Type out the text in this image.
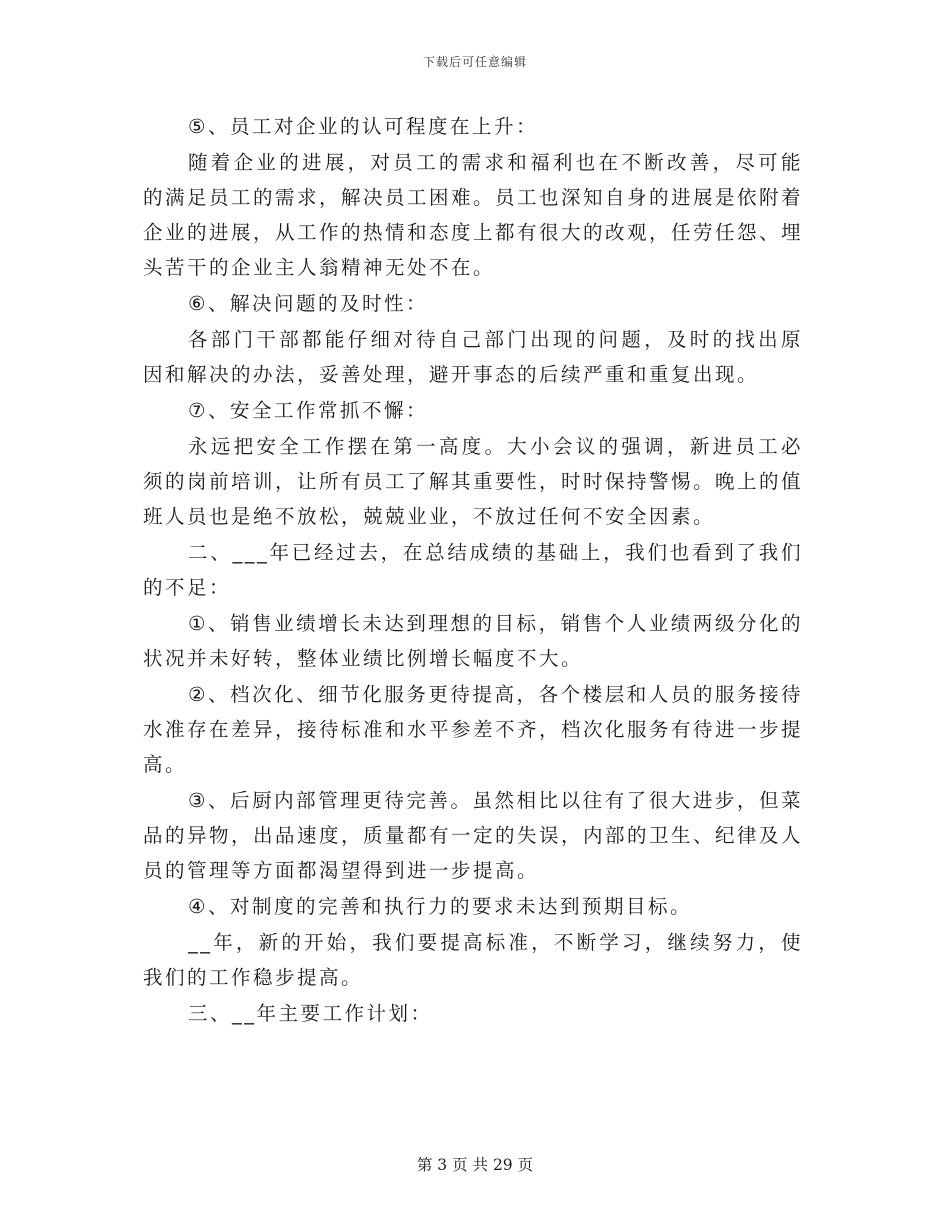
下载后可任意编辑

⑤、员工对企业的认可程度在上升：

随着企业的进展，对员工的需求和福利也在不断改善，尽可能的满足员工的需求，解决员工困难。员工也深知自身的进展是依附着企业的进展，从工作的热情和态度上都有很大的改观，任劳任怨、埋头苦干的企业主人翁精神无处不在。

⑥、解决问题的及时性：

各部门干部都能仔细对待自己部门出现的问题，及时的找出原因和解决的办法，妥善处理，避开事态的后续严重和重复出现。

⑦、安全工作常抓不懈：

永远把安全工作摆在第一高度。大小会议的强调，新进员工必须的岗前培训，让所有员工了解其重要性，时时保持警惕。晚上的值班人员也是绝不放松，兢兢业业，不放过任何不安全因素。

二、___年已经过去，在总结成绩的基础上，我们也看到了我们的不足：

①、销售业绩增长未达到理想的目标，销售个人业绩两级分化的状况并未好转，整体业绩比例增长幅度不大。

②、档次化、细节化服务更待提高，各个楼层和人员的服务接待水准存在差异，接待标准和水平参差不齐，档次化服务有待进一步提高。

③、后厨内部管理更待完善。虽然相比以往有了很大进步，但菜品的异物，出品速度，质量都有一定的失误，内部的卫生、纪律及人员的管理等方面都渴望得到进一步提高。

④、对制度的完善和执行力的要求未达到预期目标。

__年，新的开始，我们要提高标准，不断学习，继续努力，使我们的工作稳步提高。

三、__年主要工作计划：

第 3 页 共 29 页
